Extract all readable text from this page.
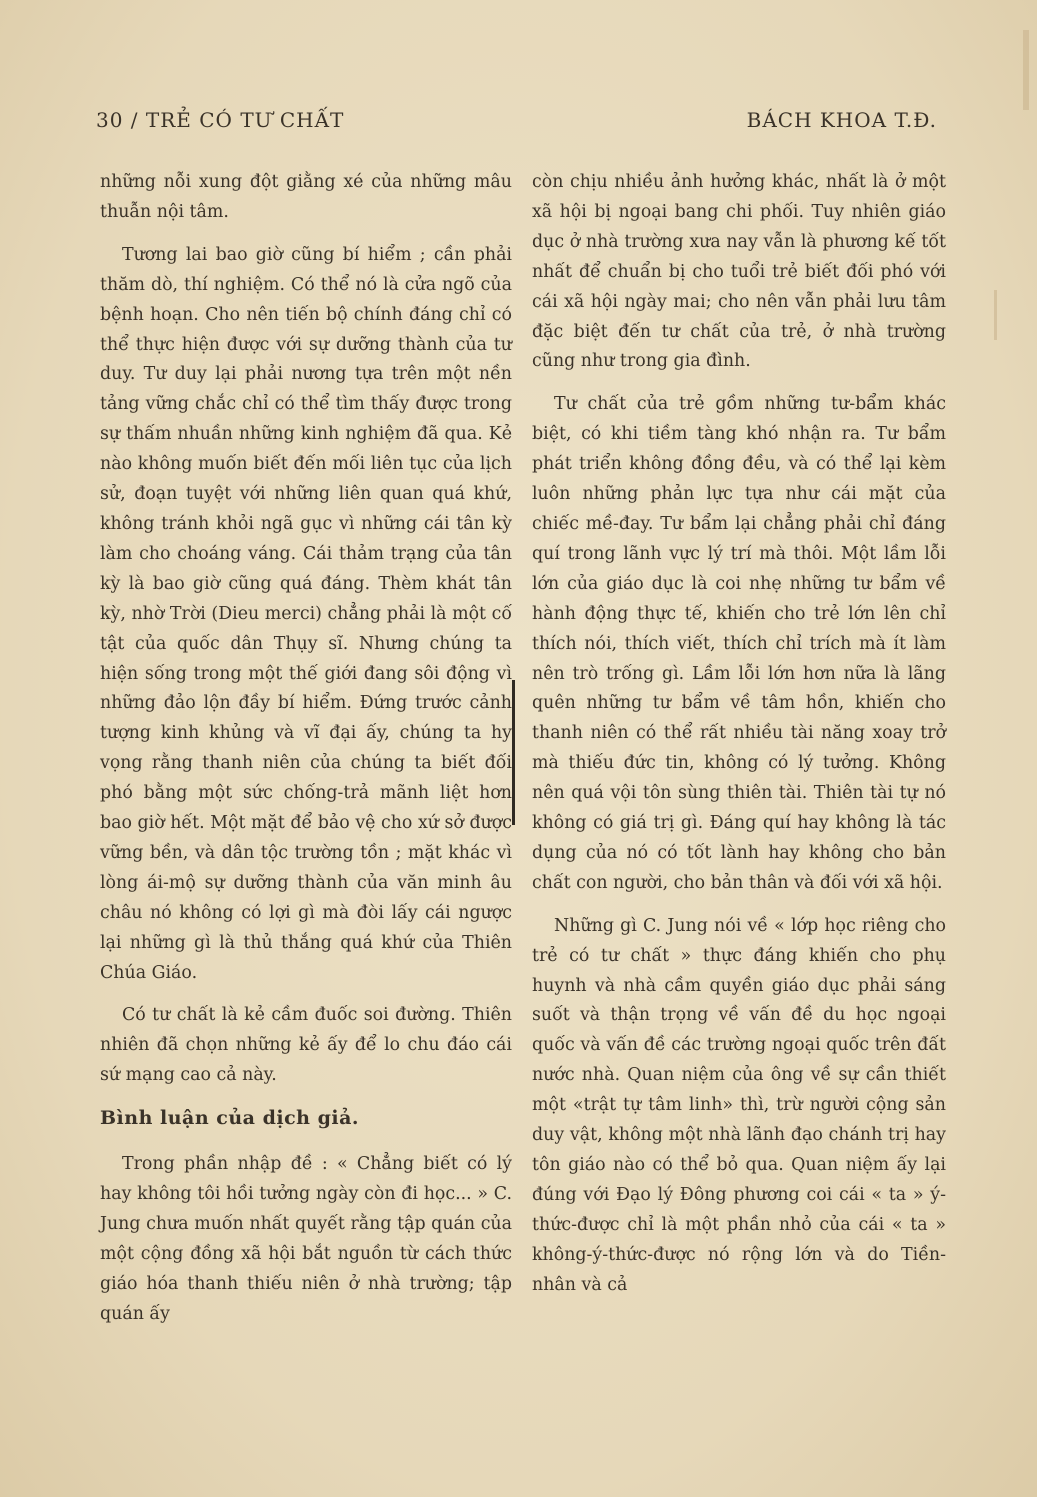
30 / TRẺ CÓ TƯ CHẤT	BÁCH KHOA T.Đ.

những nỗi xung đột giằng xé của những mâu thuẫn nội tâm.

Tương lai bao giờ cũng bí hiểm ; cần phải thăm dò, thí nghiệm. Có thể nó là cửa ngõ của bệnh hoạn. Cho nên tiến bộ chính đáng chỉ có thể thực hiện được với sự dưỡng thành của tư duy. Tư duy lại phải nương tựa trên một nền tảng vững chắc chỉ có thể tìm thấy được trong sự thấm nhuần những kinh nghiệm đã qua. Kẻ nào không muốn biết đến mối liên tục của lịch sử, đoạn tuyệt với những liên quan quá khứ, không tránh khỏi ngã gục vì những cái tân kỳ làm cho choáng váng. Cái thảm trạng của tân kỳ là bao giờ cũng quá đáng. Thèm khát tân kỳ, nhờ Trời (Dieu merci) chẳng phải là một cố tật của quốc dân Thụy sĩ. Nhưng chúng ta hiện sống trong một thế giới đang sôi động vì những đảo lộn đầy bí hiểm. Đứng trước cảnh tượng kinh khủng và vĩ đại ấy, chúng ta hy vọng rằng thanh niên của chúng ta biết đối phó bằng một sức chống-trả mãnh liệt hơn bao giờ hết. Một mặt để bảo vệ cho xứ sở được vững bền, và dân tộc trường tồn ; mặt khác vì lòng ái-mộ sự dưỡng thành của văn minh âu châu nó không có lợi gì mà đòi lấy cái ngược lại những gì là thủ thắng quá khứ của Thiên Chúa Giáo.

Có tư chất là kẻ cầm đuốc soi đường. Thiên nhiên đã chọn những kẻ ấy để lo chu đáo cái sứ mạng cao cả này.

Bình luận của dịch giả.

Trong phần nhập đề : « Chẳng biết có lý hay không tôi hồi tưởng ngày còn đi học... » C. Jung chưa muốn nhất quyết rằng tập quán của một cộng đồng xã hội bắt nguồn từ cách thức giáo hóa thanh thiếu niên ở nhà trường; tập quán ấy

còn chịu nhiều ảnh hưởng khác, nhất là ở một xã hội bị ngoại bang chi phối. Tuy nhiên giáo dục ở nhà trường xưa nay vẫn là phương kế tốt nhất để chuẩn bị cho tuổi trẻ biết đối phó với cái xã hội ngày mai; cho nên vẫn phải lưu tâm đặc biệt đến tư chất của trẻ, ở nhà trường cũng như trong gia đình.

Tư chất của trẻ gồm những tư-bẩm khác biệt, có khi tiềm tàng khó nhận ra. Tư bẩm phát triển không đồng đều, và có thể lại kèm luôn những phản lực tựa như cái mặt của chiếc mề-đay. Tư bẩm lại chẳng phải chỉ đáng quí trong lãnh vực lý trí mà thôi. Một lầm lỗi lớn của giáo dục là coi nhẹ những tư bẩm về hành động thực tế, khiến cho trẻ lớn lên chỉ thích nói, thích viết, thích chỉ trích mà ít làm nên trò trống gì. Lầm lỗi lớn hơn nữa là lãng quên những tư bẩm về tâm hồn, khiến cho thanh niên có thể rất nhiều tài năng xoay trở mà thiếu đức tin, không có lý tưởng. Không nên quá vội tôn sùng thiên tài. Thiên tài tự nó không có giá trị gì. Đáng quí hay không là tác dụng của nó có tốt lành hay không cho bản chất con người, cho bản thân và đối với xã hội.

Những gì C. Jung nói về « lớp học riêng cho trẻ có tư chất » thực đáng khiến cho phụ huynh và nhà cầm quyền giáo dục phải sáng suốt và thận trọng về vấn đề du học ngoại quốc và vấn đề các trường ngoại quốc trên đất nước nhà. Quan niệm của ông về sự cần thiết một «trật tự tâm linh» thì, trừ người cộng sản duy vật, không một nhà lãnh đạo chánh trị hay tôn giáo nào có thể bỏ qua. Quan niệm ấy lại đúng với Đạo lý Đông phương coi cái « ta » ý-thức-được chỉ là một phần nhỏ của cái « ta » không-ý-thức-được nó rộng lớn và do Tiền-nhân và cả
